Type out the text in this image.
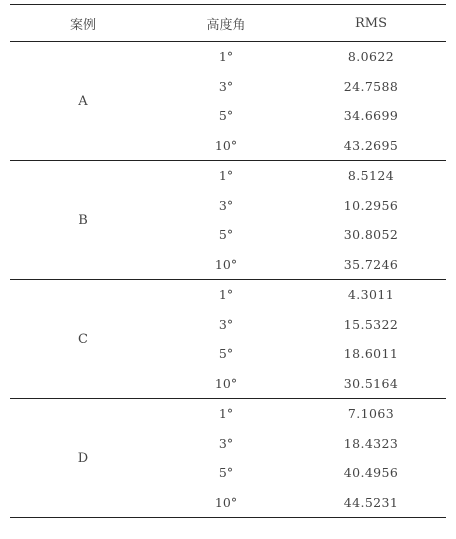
案例	高度角	RMS
A	1°	8.0622
	3°	24.7588
	5°	34.6699
	10°	43.2695
B	1°	8.5124
	3°	10.2956
	5°	30.8052
	10°	35.7246
C	1°	4.3011
	3°	15.5322
	5°	18.6011
	10°	30.5164
D	1°	7.1063
	3°	18.4323
	5°	40.4956
	10°	44.5231
